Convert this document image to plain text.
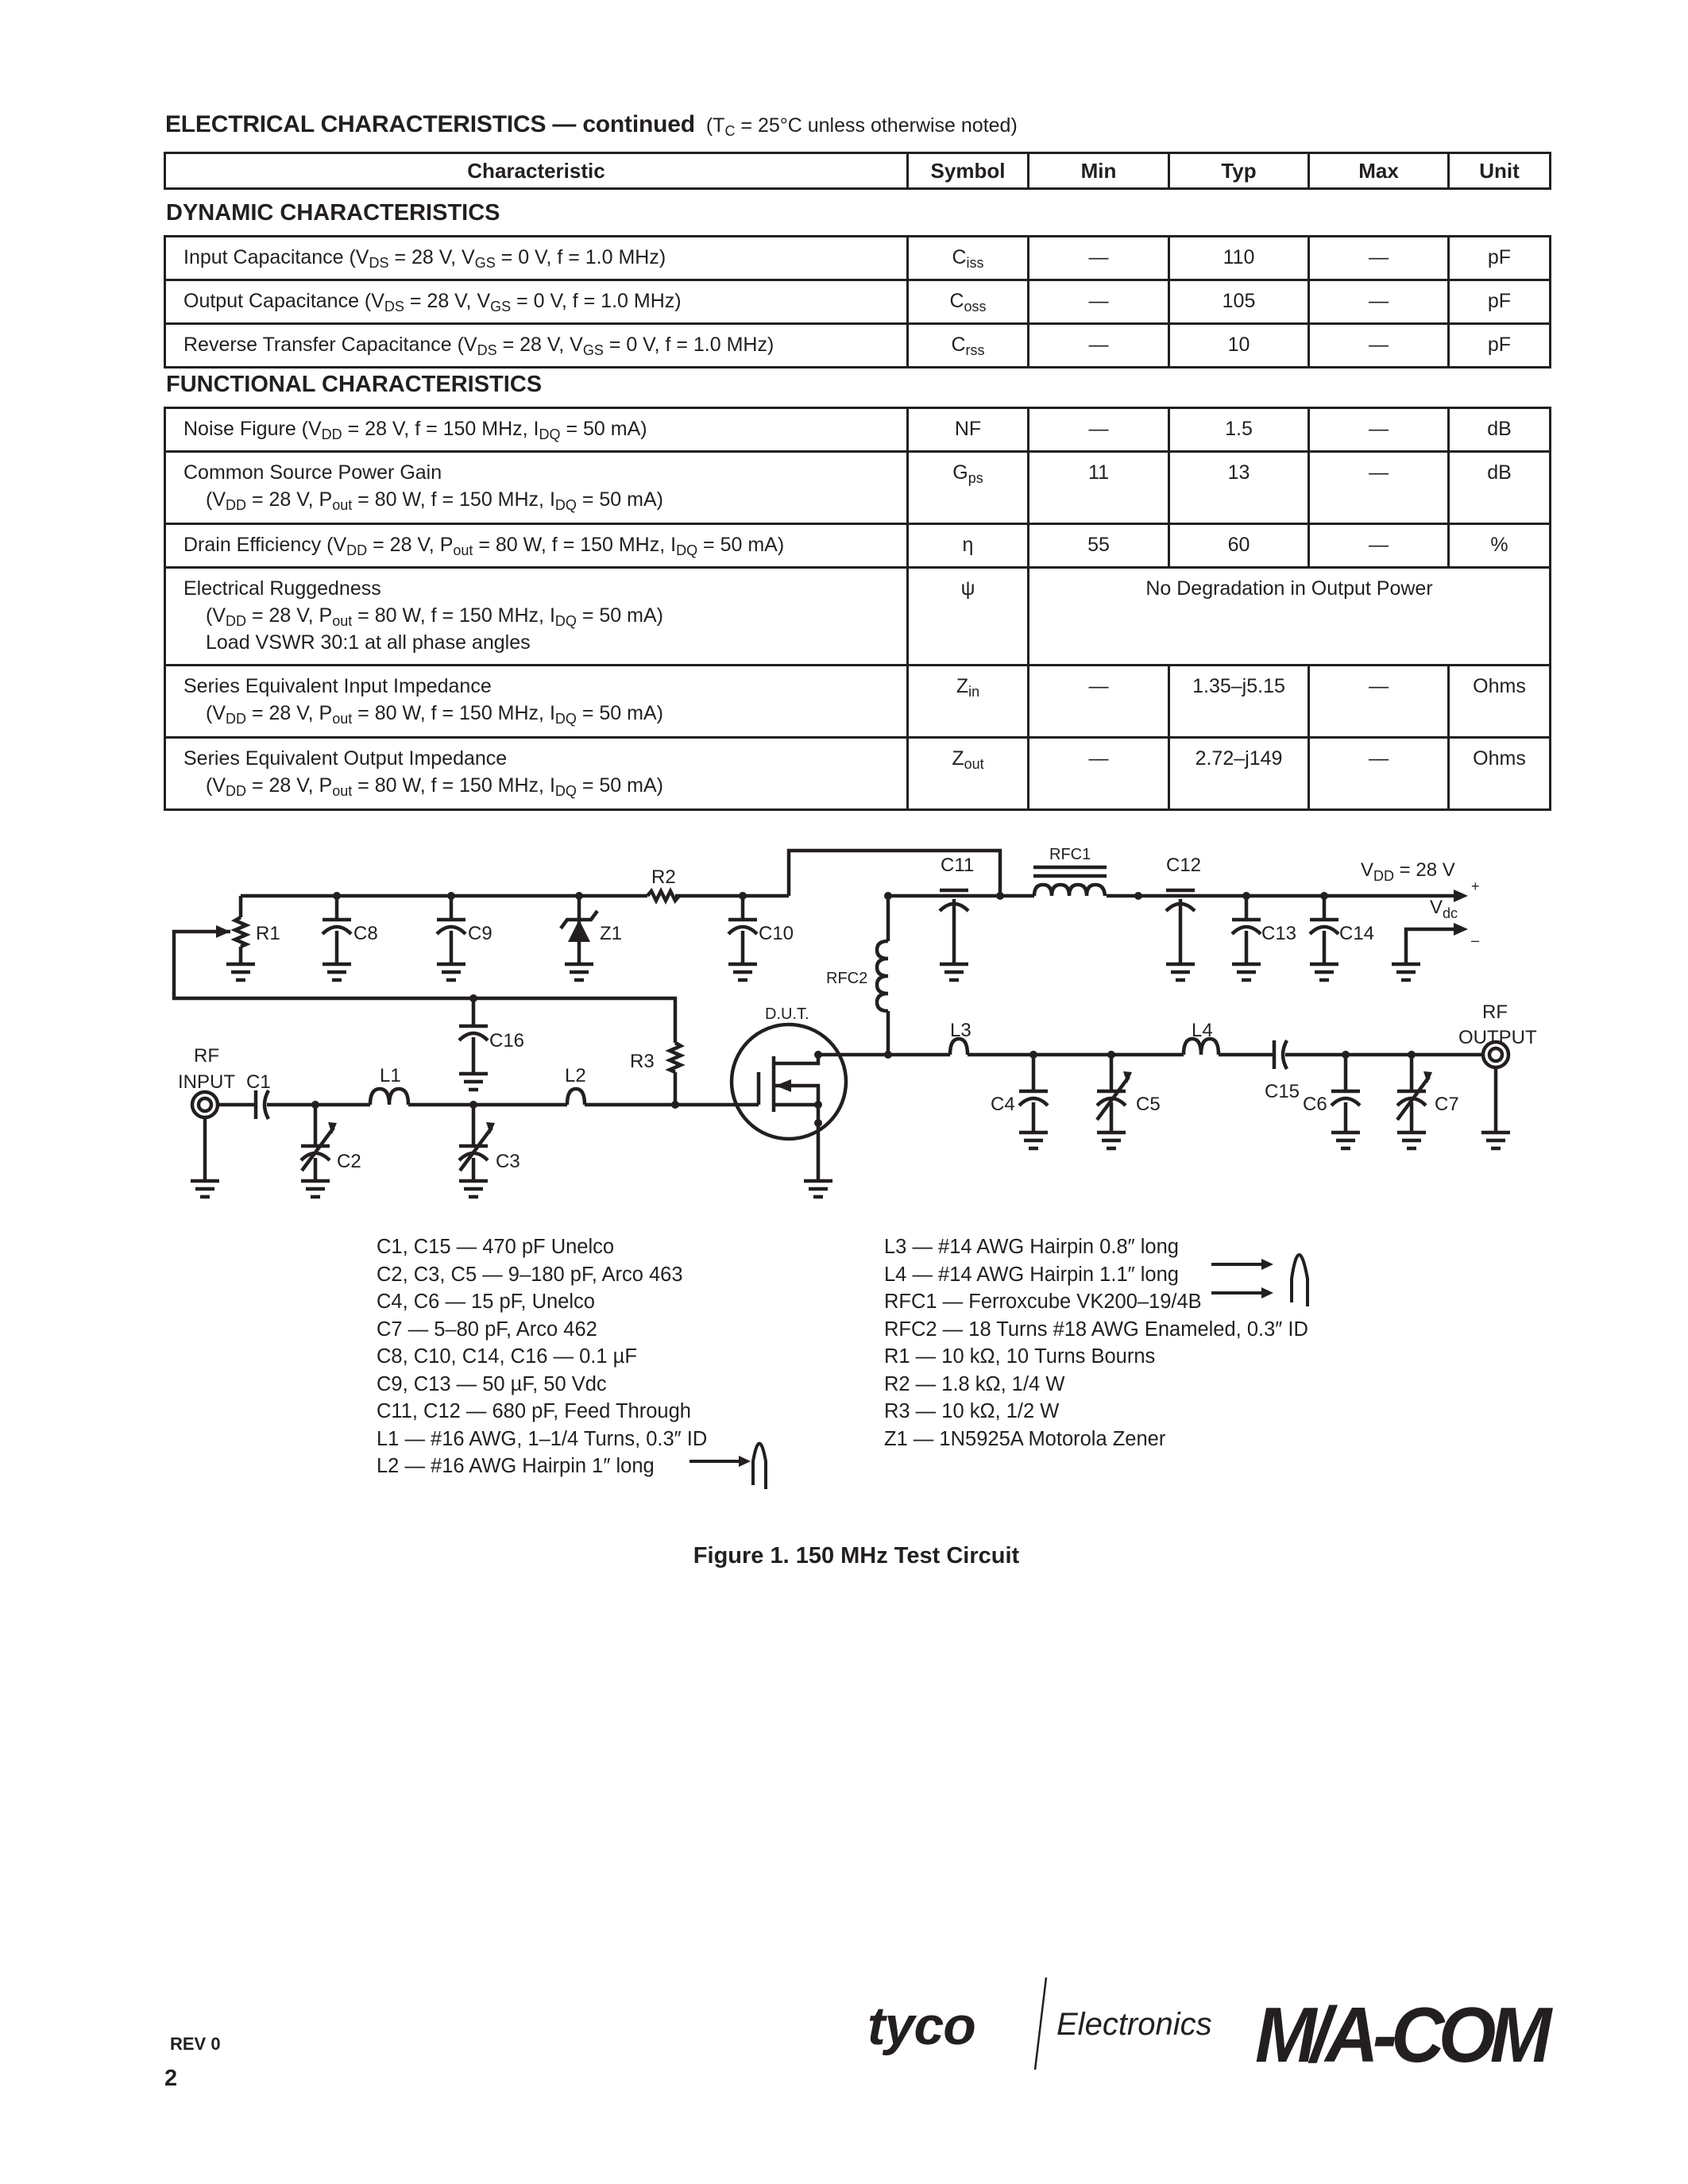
ELECTRICAL CHARACTERISTICS — continued ($T_C = 25^\circ C$ unless otherwise noted)
Characteristic	Symbol	Min	Typ	Max	Unit
DYNAMIC CHARACTERISTICS
Input Capacitance ($V_{DS} = 28$ V, $V_{GS} = 0$ V, f = 1.0 MHz)	$C_{iss}$	—	110	—	pF
Output Capacitance ($V_{DS} = 28$ V, $V_{GS} = 0$ V, f = 1.0 MHz)	$C_{oss}$	—	105	—	pF
Reverse Transfer Capacitance ($V_{DS} = 28$ V, $V_{GS} = 0$ V, f = 1.0 MHz)	$C_{rss}$	—	10	—	pF
FUNCTIONAL CHARACTERISTICS
Noise Figure ($V_{DD} = 28$ V, f = 150 MHz, $I_{DQ} = 50$ mA)	NF	—	1.5	—	dB
Common Source Power Gain
($V_{DD} = 28$ V, $P_{out} = 80$ W, f = 150 MHz, $I_{DQ} = 50$ mA)	$G_{ps}$	11	13	—	dB
Drain Efficiency ($V_{DD} = 28$ V, $P_{out} = 80$ W, f = 150 MHz, $I_{DQ} = 50$ mA)	η	55	60	—	%
Electrical Ruggedness
($V_{DD} = 28$ V, $P_{out} = 80$ W, f = 150 MHz, $I_{DQ} = 50$ mA)
Load VSWR 30:1 at all phase angles	ψ	No Degradation in Output Power			
Series Equivalent Input Impedance
($V_{DD} = 28$ V, $P_{out} = 80$ W, f = 150 MHz, $I_{DQ} = 50$ mA)	$Z_{in}$	—	1.35–j5.15	—	Ohms
Series Equivalent Output Impedance
($V_{DD} = 28$ V, $P_{out} = 80$ W, f = 150 MHz, $I_{DQ} = 50$ mA)	$Z_{out}$	—	2.72–j149	—	Ohms
R1	C8	C9	Z1
R2
C10
C16
R3
RF
INPUT C1	L1
C2	C3
L2
D.U.T.
RFC2
C11	RFC1	C12
C13 C14
L3
C4	C5
L4
C15
C6	C7
RF
OUTPUT
$V_{DD} = 28$ V
+
$V_{dc}$
–
C1, C15 — 470 pF Unelco
C2, C3, C5 — 9–180 pF, Arco 463
C4, C6 — 15 pF, Unelco
C7 — 5–80 pF, Arco 462
C8, C10, C14, C16 — 0.1 µF
C9, C13 — 50 µF, 50 Vdc
C11, C12 — 680 pF, Feed Through
L1 — #16 AWG, 1–1/4 Turns, 0.3″ ID
L2 — #16 AWG Hairpin 1″ long
L3 — #14 AWG Hairpin 0.8″ long
L4 — #14 AWG Hairpin 1.1″ long
RFC1 — Ferroxcube VK200–19/4B
RFC2 — 18 Turns #18 AWG Enameled, 0.3″ ID
R1 — 10 kΩ, 10 Turns Bourns
R2 — 1.8 kΩ, 1/4 W
R3 — 10 kΩ, 1/2 W
Z1 — 1N5925A Motorola Zener
Figure 1. 150 MHz Test Circuit
REV 0
2
tyco	Electronics M/A-COM
